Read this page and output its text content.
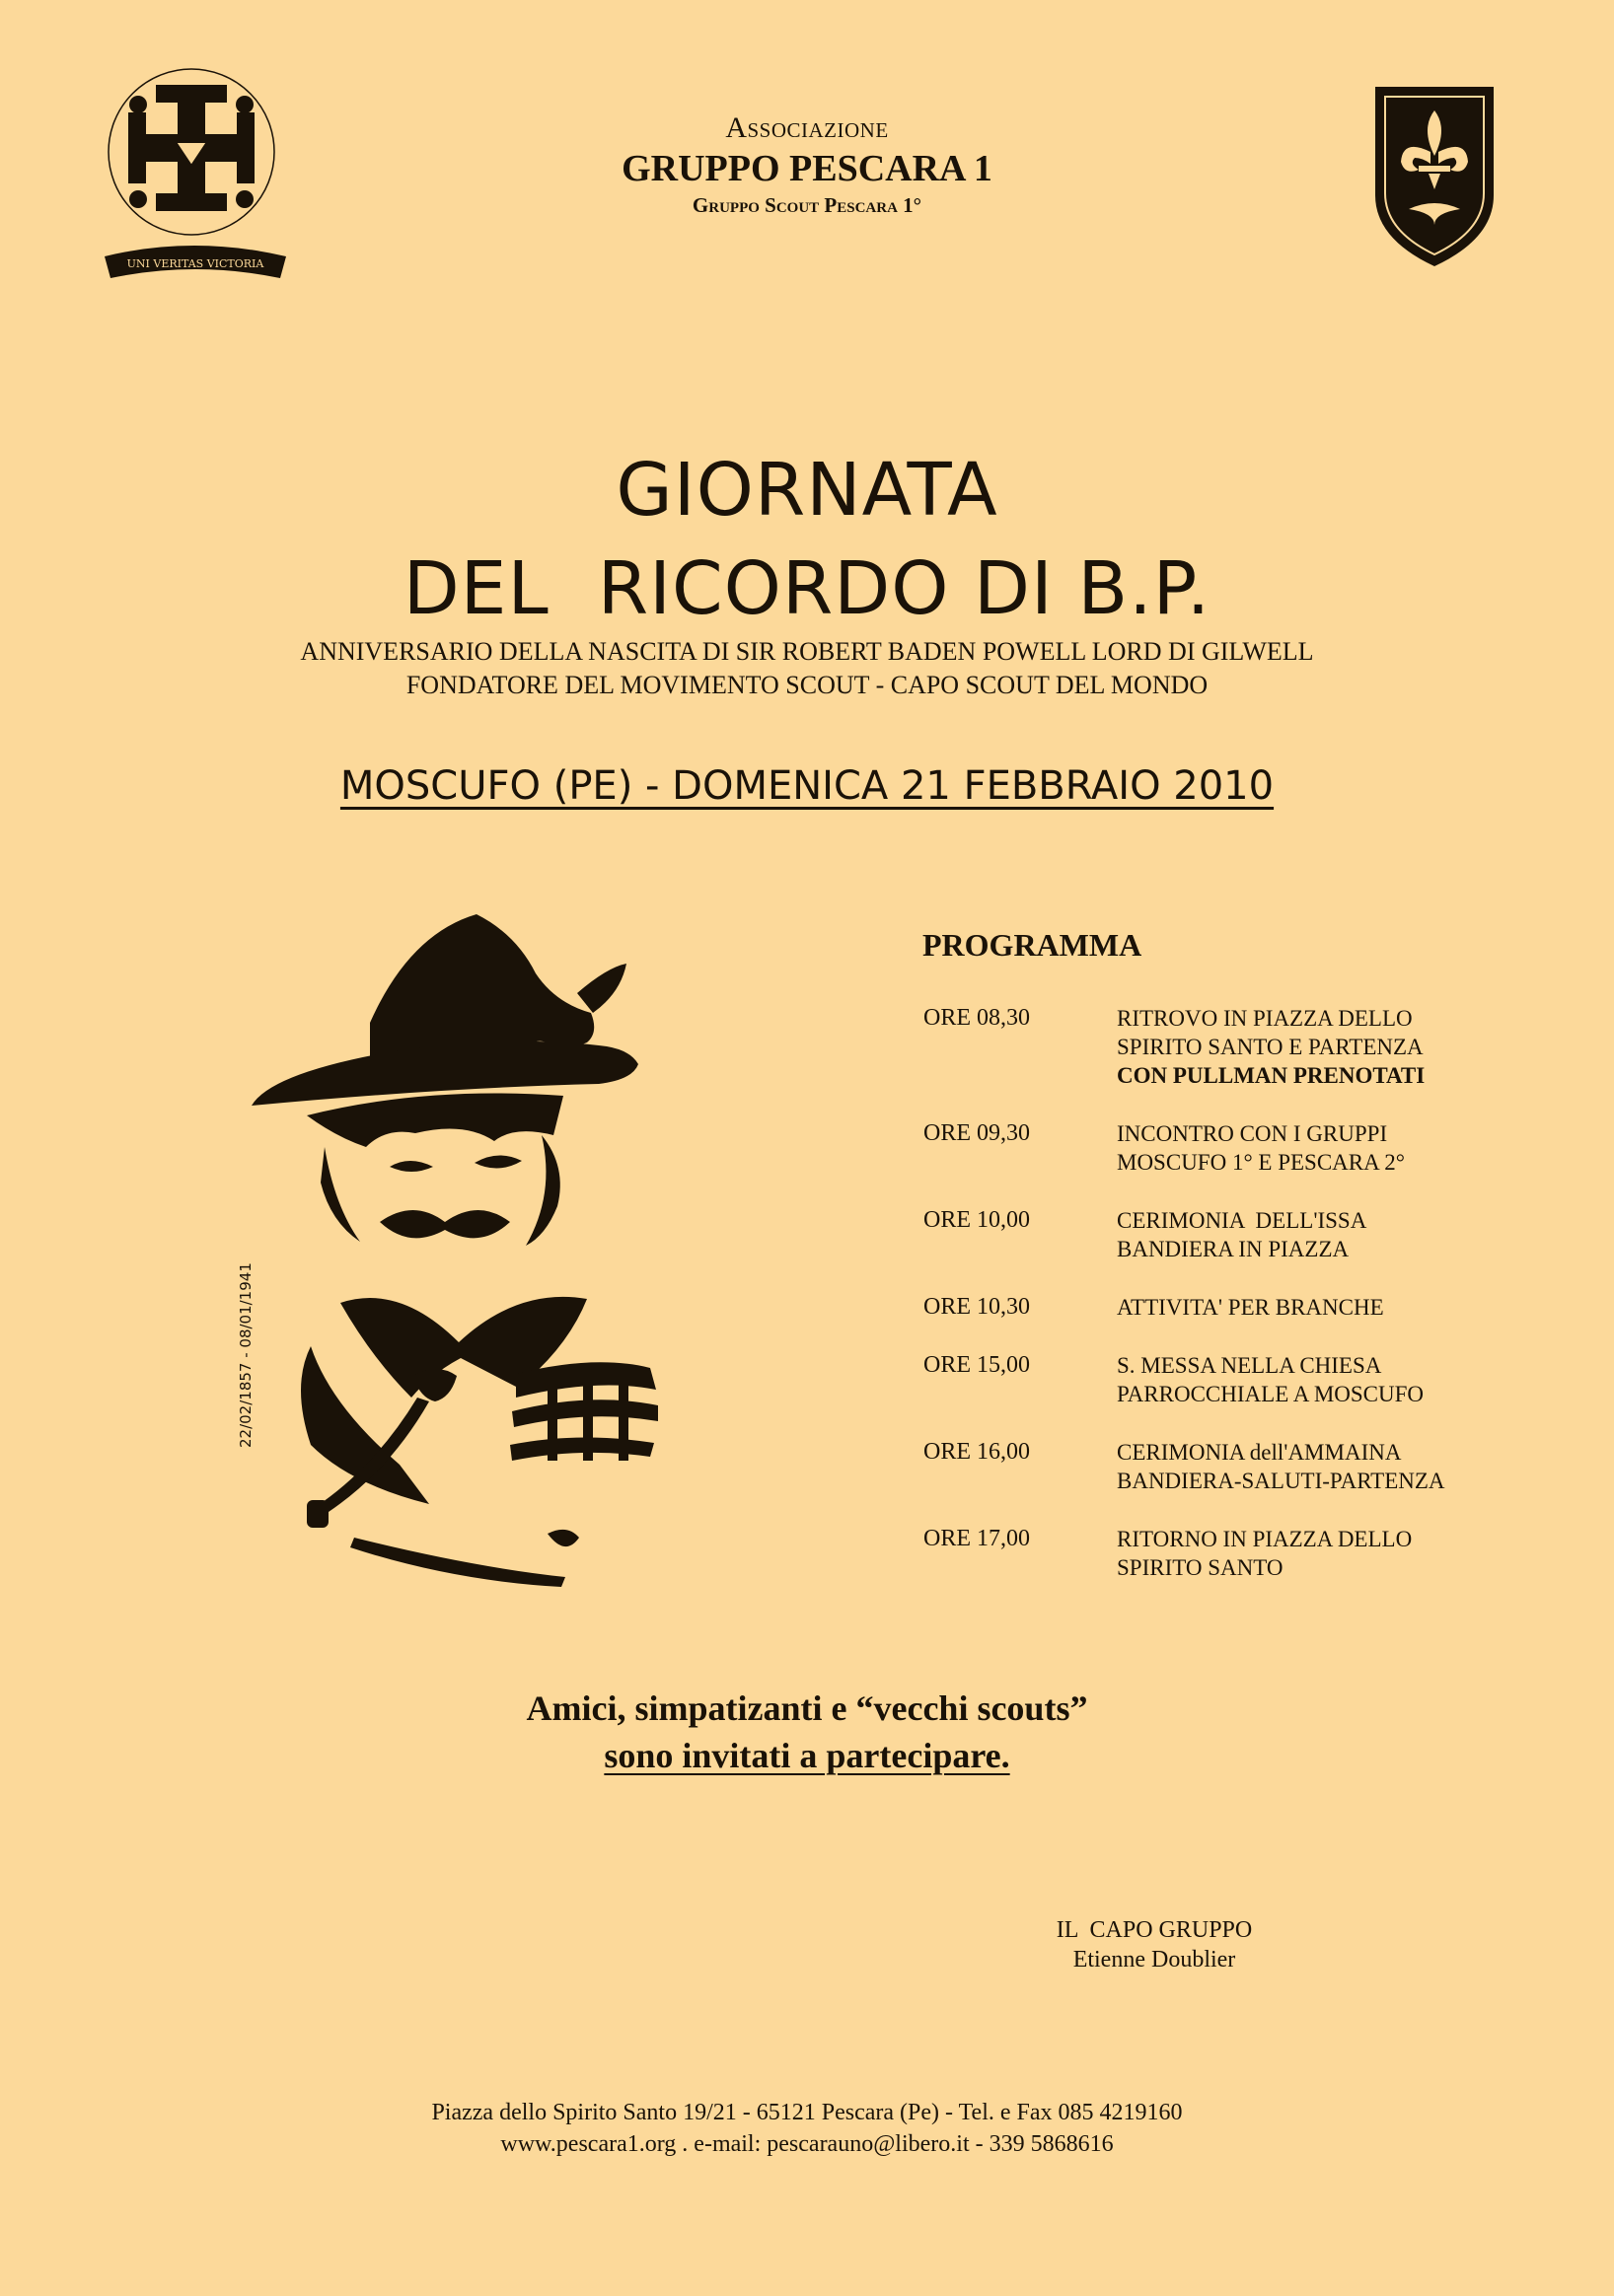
UNI VERITAS VICTORIA
Associazione
GRUPPO PESCARA 1
Gruppo Scout Pescara 1°
GIORNATA
DEL  RICORDO DI B.P.
ANNIVERSARIO DELLA NASCITA DI SIR ROBERT BADEN POWELL LORD DI GILWELL
FONDATORE DEL MOVIMENTO SCOUT - CAPO SCOUT DEL MONDO
MOSCUFO (PE) - DOMENICA 21 FEBBRAIO 2010
22/02/1857 - 08/01/1941
PROGRAMMA
ORE 08,30	RITROVO IN PIAZZA DELLO
SPIRITO SANTO E PARTENZA
CON PULLMAN PRENOTATI
ORE 09,30	INCONTRO CON I GRUPPI
MOSCUFO 1° E PESCARA 2°
ORE 10,00	CERIMONIA  DELL'ISSA
BANDIERA IN PIAZZA
ORE 10,30	ATTIVITA' PER BRANCHE
ORE 15,00	S. MESSA NELLA CHIESA
PARROCCHIALE A MOSCUFO
ORE 16,00	CERIMONIA dell'AMMAINA
BANDIERA-SALUTI-PARTENZA
ORE 17,00	RITORNO IN PIAZZA DELLO
SPIRITO SANTO
Amici, simpatizanti e “vecchi scouts”
sono invitati a partecipare.
IL  CAPO GRUPPO
Etienne Doublier
Piazza dello Spirito Santo 19/21 - 65121 Pescara (Pe) - Tel. e Fax 085 4219160
www.pescara1.org . e-mail: pescarauno@libero.it - 339 5868616
